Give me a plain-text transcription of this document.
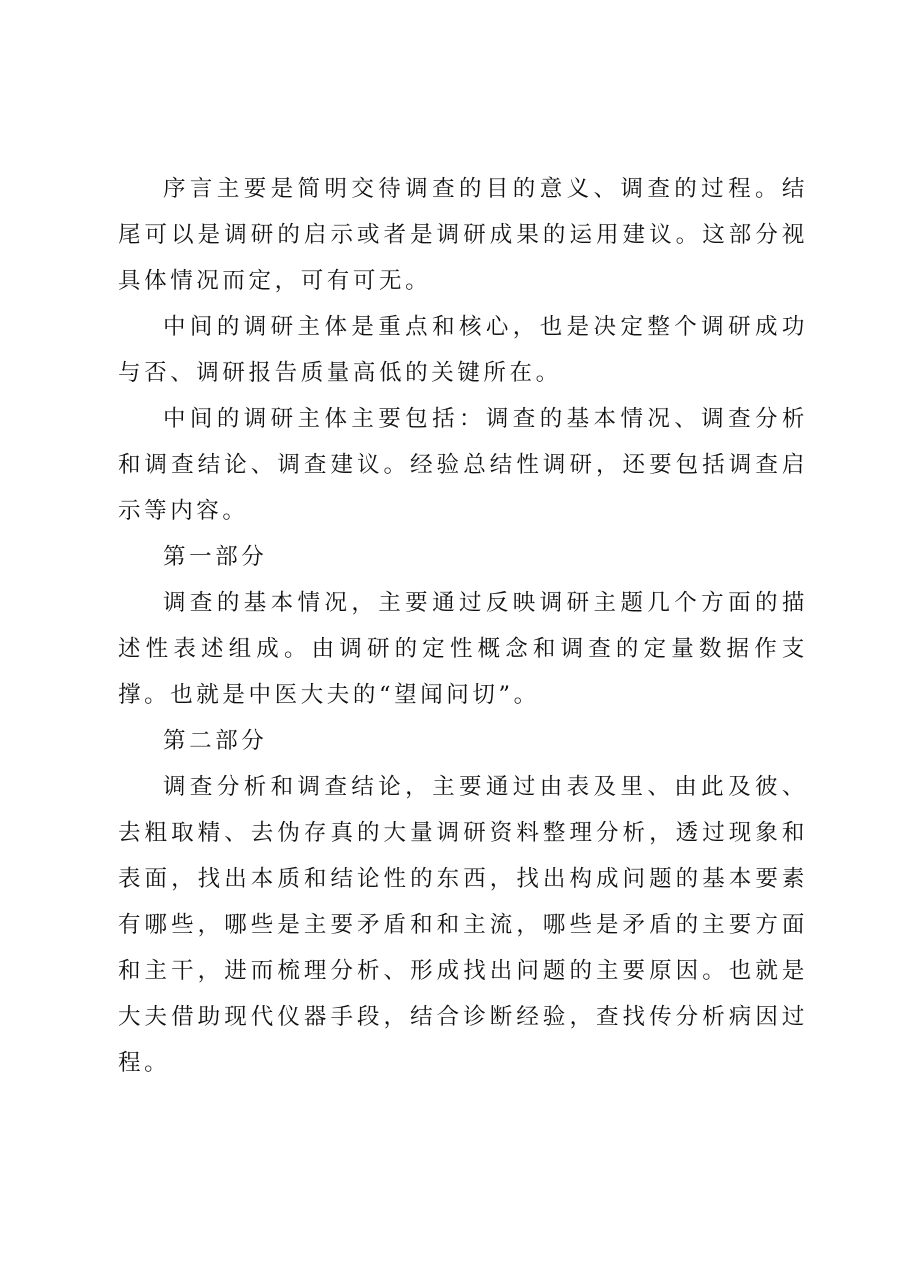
序言主要是简明交待调查的目的意义、调查的过程。结尾可以是调研的启示或者是调研成果的运用建议。这部分视具体情况而定，可有可无。

中间的调研主体是重点和核心，也是决定整个调研成功与否、调研报告质量高低的关键所在。

中间的调研主体主要包括：调查的基本情况、调查分析和调查结论、调查建议。经验总结性调研，还要包括调查启示等内容。

第一部分

调查的基本情况，主要通过反映调研主题几个方面的描述性表述组成。由调研的定性概念和调查的定量数据作支撑。也就是中医大夫的“望闻问切”。

第二部分

调查分析和调查结论，主要通过由表及里、由此及彼、去粗取精、去伪存真的大量调研资料整理分析，透过现象和表面，找出本质和结论性的东西，找出构成问题的基本要素有哪些，哪些是主要矛盾和和主流，哪些是矛盾的主要方面和主干，进而梳理分析、形成找出问题的主要原因。也就是大夫借助现代仪器手段，结合诊断经验，查找传分析病因过程。
